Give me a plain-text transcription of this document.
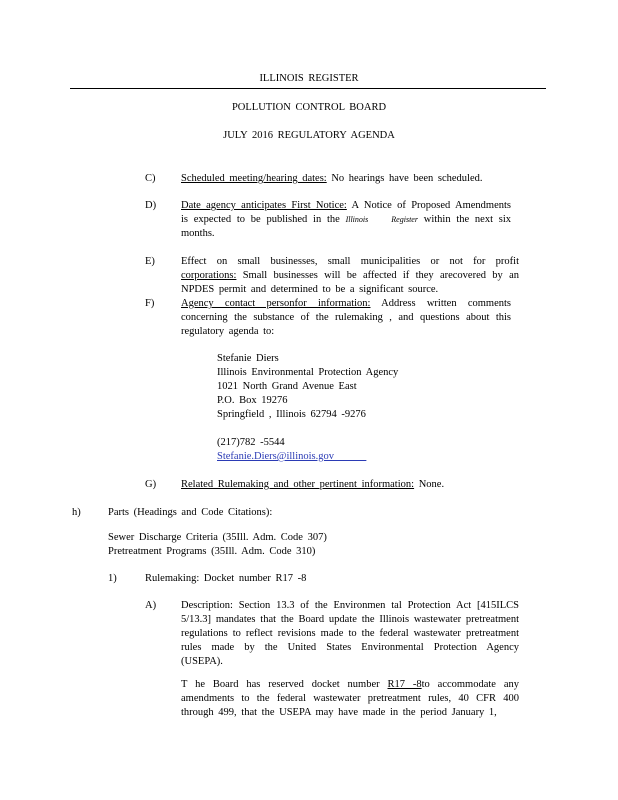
ILLINOIS REGISTER
POLLUTION CONTROL BOARD
JULY 2016 REGULATORY AGENDA
C) Scheduled meeting/hearing dates: No hearings have been scheduled.
D) Date agency anticipates First Notice: A Notice of Proposed Amendments is expected to be published in the Illinois	Register within the next six months.
E) Effect on small businesses, small municipalities or not for profit corporations: Small businesses will be affected if they arecovered by an NPDES permit and determined to be a significant source.
F)	Agency contact personfor information: Address written comments concerning the substance of the rulemaking , and questions about this regulatory agenda to:
Stefanie Diers
Illinois Environmental Protection Agency
1021 North Grand Avenue East
P.O. Box 19276
Springfield , Illinois 62794 -9276
(217)782 -5544
Stefanie.Diers@illinois.gov
G) Related Rulemaking and other pertinent information: None.
h)	Parts (Headings and Code Citations):
Sewer Discharge Criteria (35Ill. Adm. Code 307)
Pretreatment Programs (35Ill. Adm. Code 310)
1)	Rulemaking: Docket number R17 -8
A) Description: Section 13.3 of the Environmen tal Protection Act [415ILCS 5/13.3] mandates that the Board update the Illinois wastewater pretreatment regulations to reflect revisions made to the federal wastewater pretreatment rules made by the United States Environmental Protection Agency (USEPA).
T he Board has reserved docket number R17 -8to accommodate any amendments to the federal wastewater pretreatment rules, 40 CFR 400 through 499, that the USEPA may have made in the period January 1,
